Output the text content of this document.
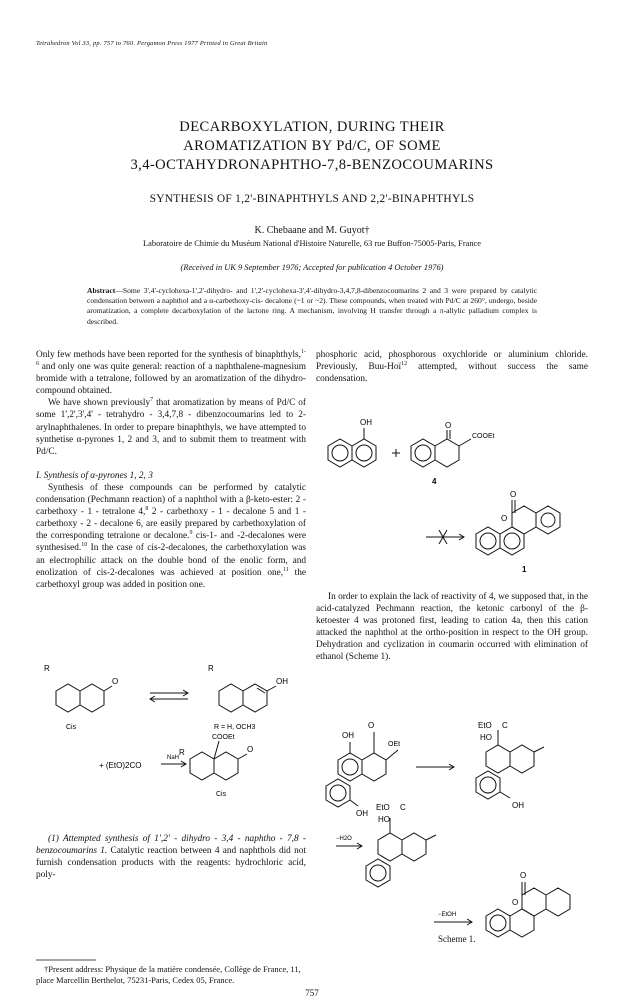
Tetrahedron Vol 33, pp. 757 to 760. Pergamon Press 1977 Printed in Great Britain
DECARBOXYLATION, DURING THEIR
AROMATIZATION BY Pd/C, OF SOME
3,4-OCTAHYDRONAPHTHO-7,8-BENZOCOUMARINS
SYNTHESIS OF 1,2'-BINAPHTHYLS AND 2,2'-BINAPHTHYLS
K. Chebaane and M. Guyot†
Laboratoire de Chimie du Muséum National d'Histoire Naturelle, 63 rue Buffon-75005-Paris, France
(Received in UK 9 September 1976; Accepted for publication 4 October 1976)
Abstract—Some 3',4'-cyclohexa-1',2'-dihydro- and 1',2'-cyclohexa-3',4'-dihydro-3,4,7,8-dibenzocoumarins 2 and 3 were prepared by catalytic condensation between a naphthol and a α-carbethoxy-cis- decalone (~1 or ~2). These compounds, when treated with Pd/C at 260°, undergo, beside aromatization, a complete decarboxylation of the lactone ring. A mechanism, involving H transfer through a π-allylic palladium complex is described.

Only few methods have been reported for the synthesis of binaphthyls,$^{1-6}$ and only one was quite general: reaction of a naphthalene-magnesium bromide with a tetralone, followed by an aromatization of the dihydro-compound obtained.

We have shown previously$^7$ that aromatization by means of Pd/C of some 1',2',3',4' - tetrahydro - 3,4,7,8 - dibenzocoumarins led to 2-arylnaphthalenes. In order to prepare binaphthyls, we have attempted to synthetise α-pyrones 1, 2 and 3, and to submit them to treatment with Pd/C.

I. Synthesis of α-pyrones 1, 2, 3

Synthesis of these compounds can be performed by catalytic condensation (Pechmann reaction) of a naphthol with a β-keto-ester: 2 - carbethoxy - 1 - tetralone 4,$^8$ 2 - carbethoxy - 1 - decalone 5 and 1 - carbethoxy - 2 - decalone 6, are easily prepared by carbethoxylation of the corresponding tetralone or decalone.$^9$ cis-1- and -2-decalones were synthesised.$^{10}$ In the case of cis-2-decalones, the carbethoxylation was an electrophilic attack on the double bond of the enolic form, and enolization of cis-2-decalones was achieved at position one,$^{11}$ the carbethoxyl group was added in position one.

R
O
Cis
R
OH
R = H, OCH3
COOEt
R	O
Cis
+ (EtO)2CO
NaH

(1) Attempted synthesis of 1',2' - dihydro - 3,4 - naphtho - 7,8 - benzocoumarins 1. Catalytic reaction between 4 and naphthols did not furnish condensation products with the reagents: hydrochloric acid, poly-

†Present address: Physique de la matière condensée, Collège de France, 11, place Marcellin Berthelot, 75231-Paris, Cedex 05, France.

phosphoric acid, phosphorous oxychloride or aluminium chloride. Previously, Buu-Hoï$^{12}$ attempted, without success the same condensation.

OH	O
COOEt
4
O
O
1

In order to explain the lack of reactivity of 4, we supposed that, in the acid-catalyzed Pechmann reaction, the ketonic carbonyl of the β-ketoester 4 was protoned first, leading to cation 4a, then this cation attacked the naphthol at the ortho-position in respect to the OH group. Dehydration and cyclization in coumarin occurred with elimination of ethanol (Scheme 1).

O
OH
OEt
OH
EtO C
HO
OH
EtO C
HO
−H2O
−EtOH
O
O
Scheme 1.
757
